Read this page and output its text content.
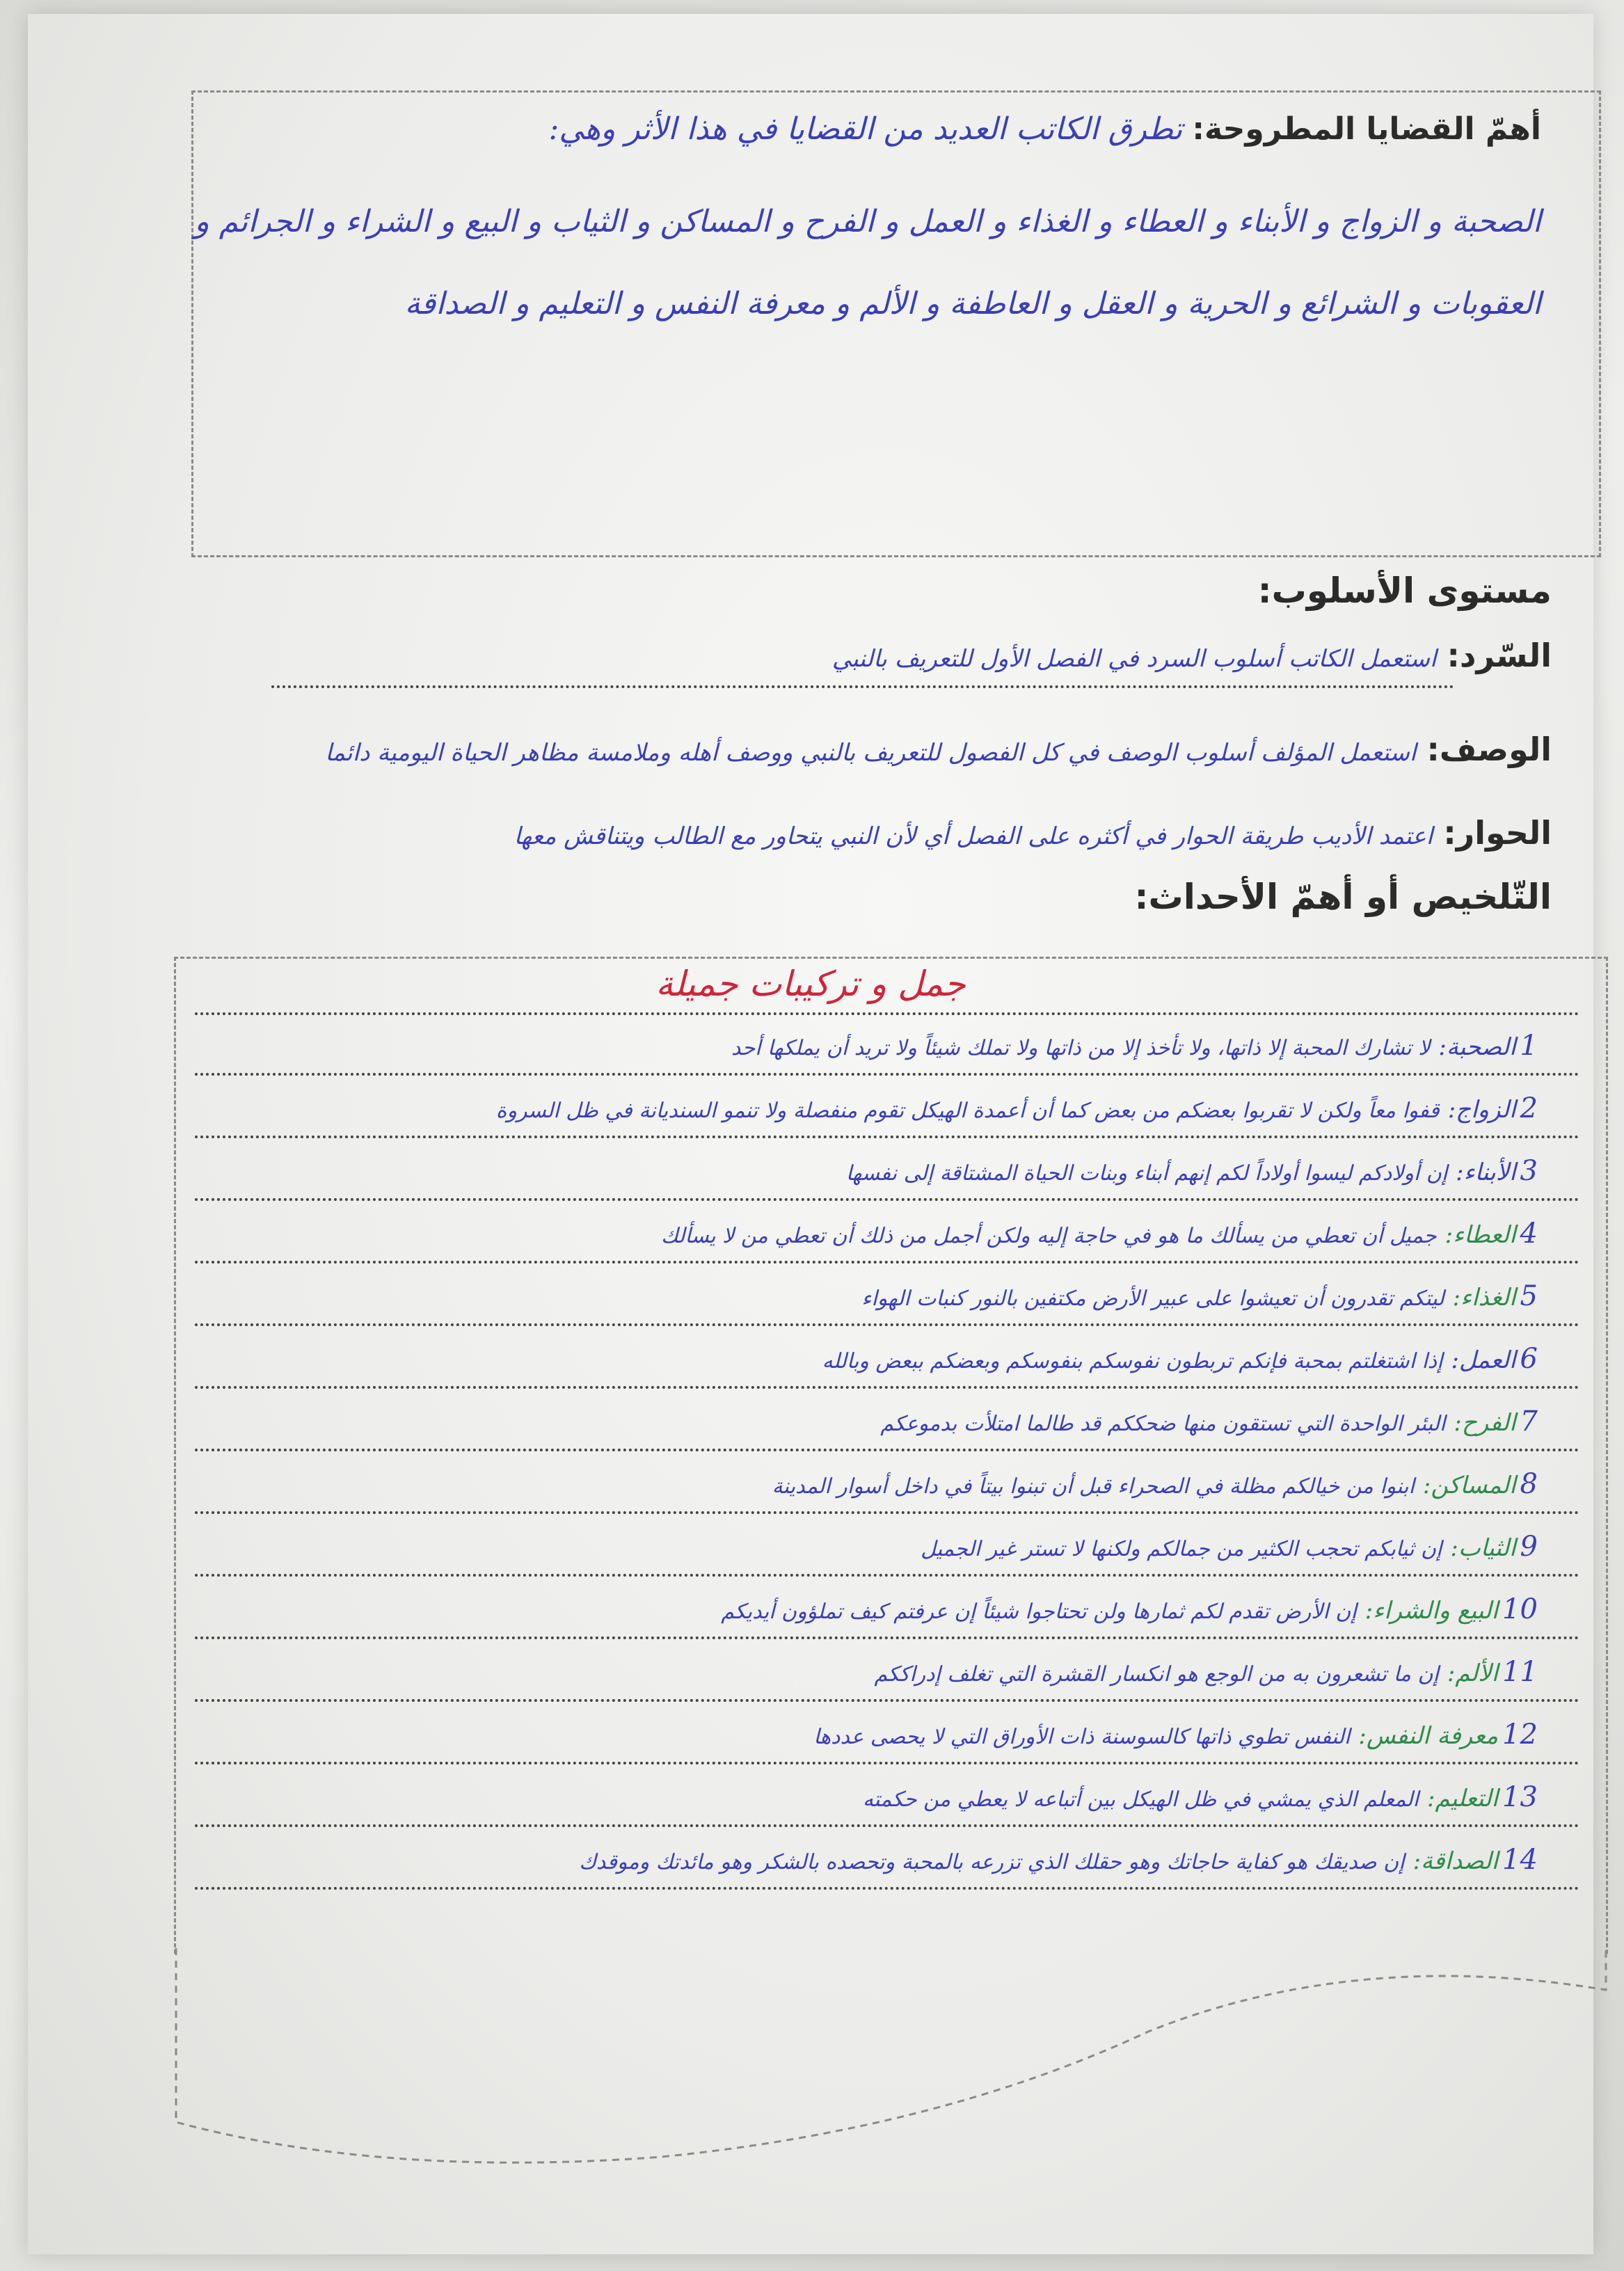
أهمّ القضايا المطروحة: تطرق الكاتب العديد من القضايا في هذا الأثر وهي:
الصحبة و الزواج و الأبناء و العطاء و الغذاء و العمل و الفرح و المساكن و الثياب و البيع و الشراء و الجرائم و العقوبات و الشرائع و الحرية و العقل و العاطفة و الألم و معرفة النفس و التعليم و الصداقة
مستوى الأسلوب:
السّرد: استعمل الكاتب أسلوب السرد في الفصل الأول للتعريف بالنبي
الوصف: استعمل المؤلف أسلوب الوصف في كل الفصول للتعريف بالنبي ووصف أهله وملامسة مظاهر الحياة اليومية دائما
الحوار: اعتمد الأديب طريقة الحوار في أكثره على الفصل أي لأن النبي يتحاور مع الطالب ويتناقش معها
التّلخيص أو أهمّ الأحداث:
جمل و تركيبات جميلة
1الصحبة:لا تشارك المحبة إلا ذاتها، ولا تأخذ إلا من ذاتها ولا تملك شيئاً ولا تريد أن يملكها أحد
2الزواج:قفوا معاً ولكن لا تقربوا بعضكم من بعض كما أن أعمدة الهيكل تقوم منفصلة ولا تنمو السنديانة في ظل السروة
3الأبناء:إن أولادكم ليسوا أولاداً لكم إنهم أبناء وبنات الحياة المشتاقة إلى نفسها
4العطاء:جميل أن تعطي من يسألك ما هو في حاجة إليه ولكن أجمل من ذلك أن تعطي من لا يسألك
5الغذاء:ليتكم تقدرون أن تعيشوا على عبير الأرض مكتفين بالنور كنبات الهواء
6العمل:إذا اشتغلتم بمحبة فإنكم تربطون نفوسكم بنفوسكم وبعضكم ببعض وبالله
7الفرح:البئر الواحدة التي تستقون منها ضحككم قد طالما امتلأت بدموعكم
8المساكن:ابنوا من خيالكم مظلة في الصحراء قبل أن تبنوا بيتاً في داخل أسوار المدينة
9الثياب:إن ثيابكم تحجب الكثير من جمالكم ولكنها لا تستر غير الجميل
10البيع والشراء:إن الأرض تقدم لكم ثمارها ولن تحتاجوا شيئاً إن عرفتم كيف تملؤون أيديكم
11الألم:إن ما تشعرون به من الوجع هو انكسار القشرة التي تغلف إدراككم
12معرفة النفس:النفس تطوي ذاتها كالسوسنة ذات الأوراق التي لا يحصى عددها
13التعليم:المعلم الذي يمشي في ظل الهيكل بين أتباعه لا يعطي من حكمته
14الصداقة:إن صديقك هو كفاية حاجاتك وهو حقلك الذي تزرعه بالمحبة وتحصده بالشكر وهو مائدتك وموقدك
